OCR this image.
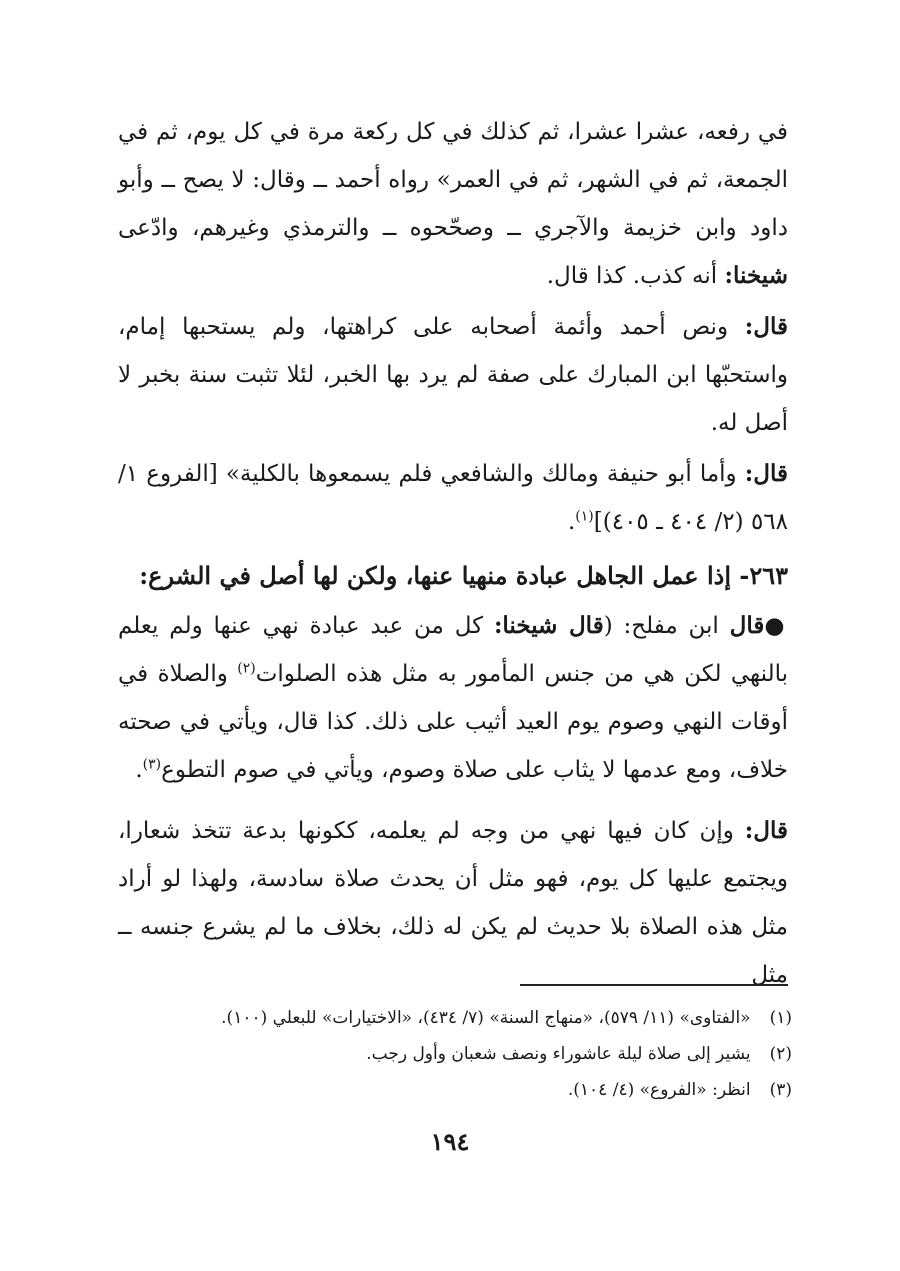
في رفعه، عشرا عشرا، ثم كذلك في كل ركعة مرة في كل يوم، ثم في الجمعة، ثم في الشهر، ثم في العمر» رواه أحمد ــ وقال: لا يصح ــ وأبو داود وابن خزيمة والآجري ــ وصحّحوه ــ والترمذي وغيرهم، وادّعى شيخنا: أنه كذب. كذا قال.

قال: ونص أحمد وأئمة أصحابه على كراهتها، ولم يستحبها إمام، واستحبّها ابن المبارك على صفة لم يرد بها الخبر، لئلا تثبت سنة بخبر لا أصل له.

قال: وأما أبو حنيفة ومالك والشافعي فلم يسمعوها بالكلية» [الفروع ١/ ٥٦٨ (٢/ ٤٠٤ ـ ٤٠٥)]$^{(١)}$.

٢٦٣- إذا عمل الجاهل عبادة منهيا عنها، ولكن لها أصل في الشرع:

●قال ابن مفلح: (قال شيخنا: كل من عبد عبادة نهي عنها ولم يعلم بالنهي لكن هي من جنس المأمور به مثل هذه الصلوات$^{(٢)}$ والصلاة في أوقات النهي وصوم يوم العيد أثيب على ذلك. كذا قال، ويأتي في صحته خلاف، ومع عدمها لا يثاب على صلاة وصوم، ويأتي في صوم التطوع$^{(٣)}$.

قال: وإن كان فيها نهي من وجه لم يعلمه، ككونها بدعة تتخذ شعارا، ويجتمع عليها كل يوم، فهو مثل أن يحدث صلاة سادسة، ولهذا لو أراد مثل هذه الصلاة بلا حديث لم يكن له ذلك، بخلاف ما لم يشرع جنسه ــ مثل

(١) «الفتاوى» (١١/ ٥٧٩)، «منهاج السنة» (٧/ ٤٣٤)، «الاختيارات» للبعلي (١٠٠).
(٢) يشير إلى صلاة ليلة عاشوراء ونصف شعبان وأول رجب.
(٣) انظر: «الفروع» (٤/ ١٠٤).
١٩٤
